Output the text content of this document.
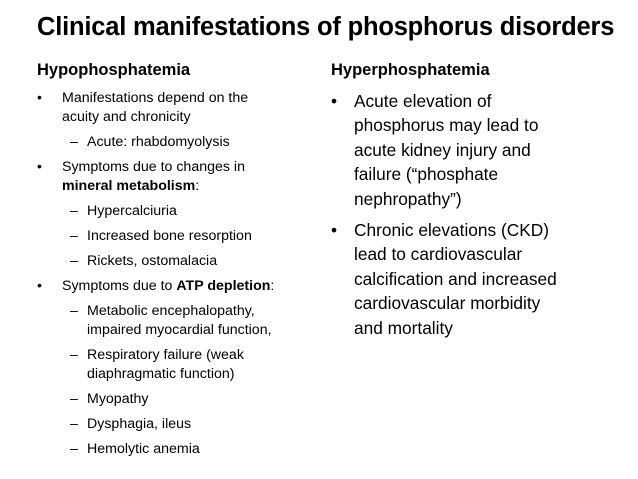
Clinical manifestations of phosphorus disorders
Hypophosphatemia	Hyperphosphatemia
• Manifestations depend on the
acuity and chronicity
– Acute: rhabdomyolysis
• Symptoms due to changes in
mineral metabolism:
– Hypercalciuria
– Increased bone resorption
– Rickets, ostomalacia
• Symptoms due to ATP depletion:
– Metabolic encephalopathy,
impaired myocardial function,
– Respiratory failure (weak
diaphragmatic function)
– Myopathy
– Dysphagia, ileus
– Hemolytic anemia
• Acute elevation of
phosphorus may lead to
acute kidney injury and
failure (“phosphate
nephropathy”)
• Chronic elevations (CKD)
lead to cardiovascular
calcification and increased
cardiovascular morbidity
and mortality
